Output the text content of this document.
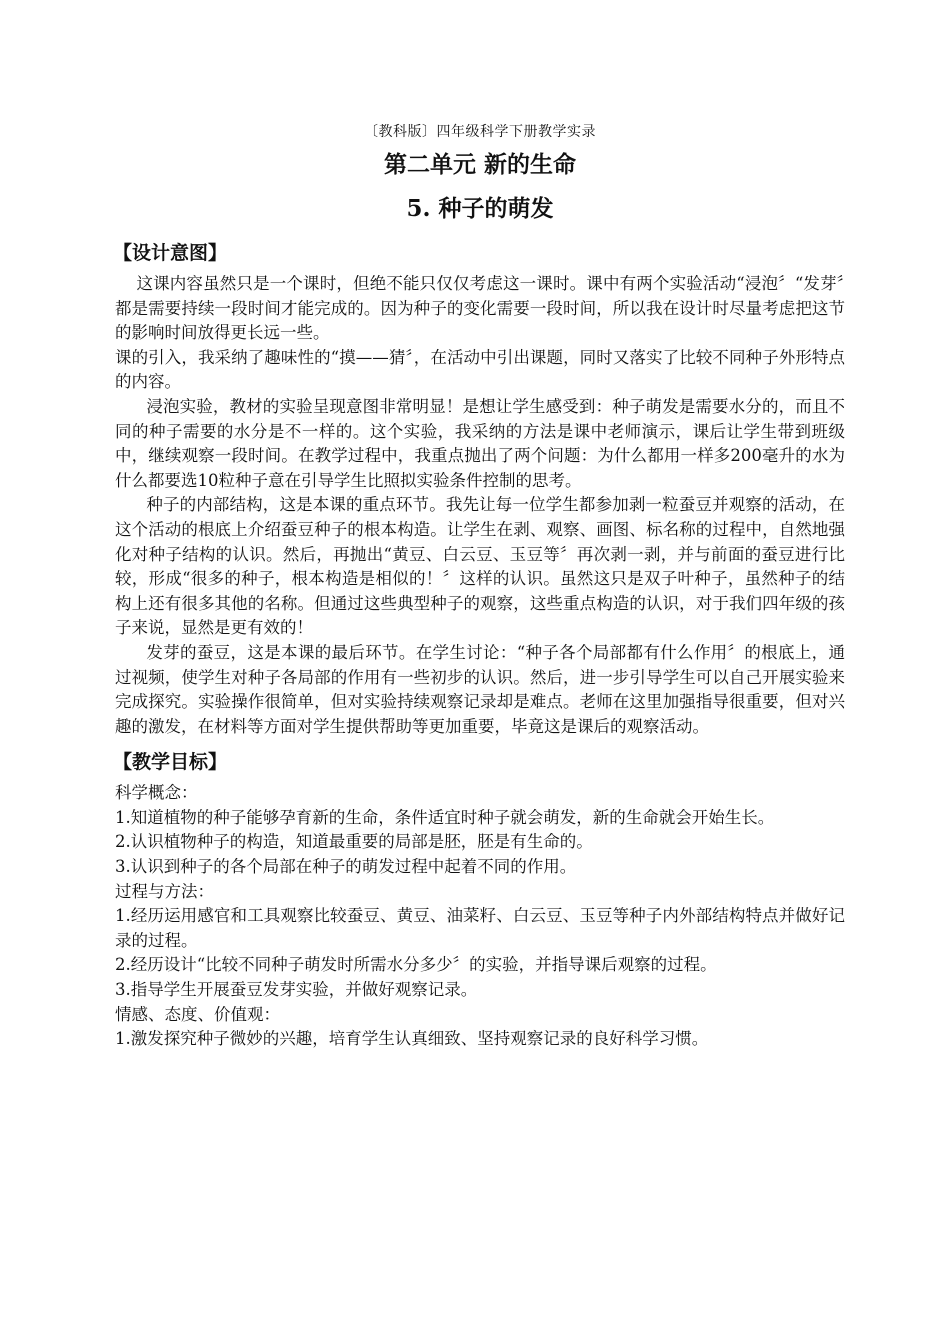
〔教科版〕四年级科学下册教学实录
第二单元 新的生命
5. 种子的萌发
【设计意图】

这课内容虽然只是一个课时，但绝不能只仅仅考虑这一课时。课中有两个实验活动“浸泡〞“发芽〞都是需要持续一段时间才能完成的。因为种子的变化需要一段时间，所以我在设计时尽量考虑把这节的影响时间放得更长远一些。

课的引入，我采纳了趣味性的“摸——猜〞，在活动中引出课题，同时又落实了比较不同种子外形特点的内容。

浸泡实验，教材的实验呈现意图非常明显！是想让学生感受到：种子萌发是需要水分的，而且不同的种子需要的水分是不一样的。这个实验，我采纳的方法是课中老师演示，课后让学生带到班级中，继续观察一段时间。在教学过程中，我重点抛出了两个问题：为什么都用一样多200毫升的水为什么都要选10粒种子意在引导学生比照拟实验条件控制的思考。

种子的内部结构，这是本课的重点环节。我先让每一位学生都参加剥一粒蚕豆并观察的活动，在这个活动的根底上介绍蚕豆种子的根本构造。让学生在剥、观察、画图、标名称的过程中，自然地强化对种子结构的认识。然后，再抛出“黄豆、白云豆、玉豆等〞再次剥一剥，并与前面的蚕豆进行比较，形成“很多的种子，根本构造是相似的！〞这样的认识。虽然这只是双子叶种子，虽然种子的结构上还有很多其他的名称。但通过这些典型种子的观察，这些重点构造的认识，对于我们四年级的孩子来说，显然是更有效的！

发芽的蚕豆，这是本课的最后环节。在学生讨论：“种子各个局部都有什么作用〞的根底上，通过视频，使学生对种子各局部的作用有一些初步的认识。然后，进一步引导学生可以自己开展实验来完成探究。实验操作很简单，但对实验持续观察记录却是难点。老师在这里加强指导很重要，但对兴趣的激发，在材料等方面对学生提供帮助等更加重要，毕竟这是课后的观察活动。

【教学目标】

科学概念：

1.知道植物的种子能够孕育新的生命，条件适宜时种子就会萌发，新的生命就会开始生长。

2.认识植物种子的构造，知道最重要的局部是胚，胚是有生命的。

3.认识到种子的各个局部在种子的萌发过程中起着不同的作用。

过程与方法：

1.经历运用感官和工具观察比较蚕豆、黄豆、油菜籽、白云豆、玉豆等种子内外部结构特点并做好记录的过程。

2.经历设计“比较不同种子萌发时所需水分多少〞的实验，并指导课后观察的过程。

3.指导学生开展蚕豆发芽实验，并做好观察记录。

情感、态度、价值观：

1.激发探究种子微妙的兴趣，培育学生认真细致、坚持观察记录的良好科学习惯。
